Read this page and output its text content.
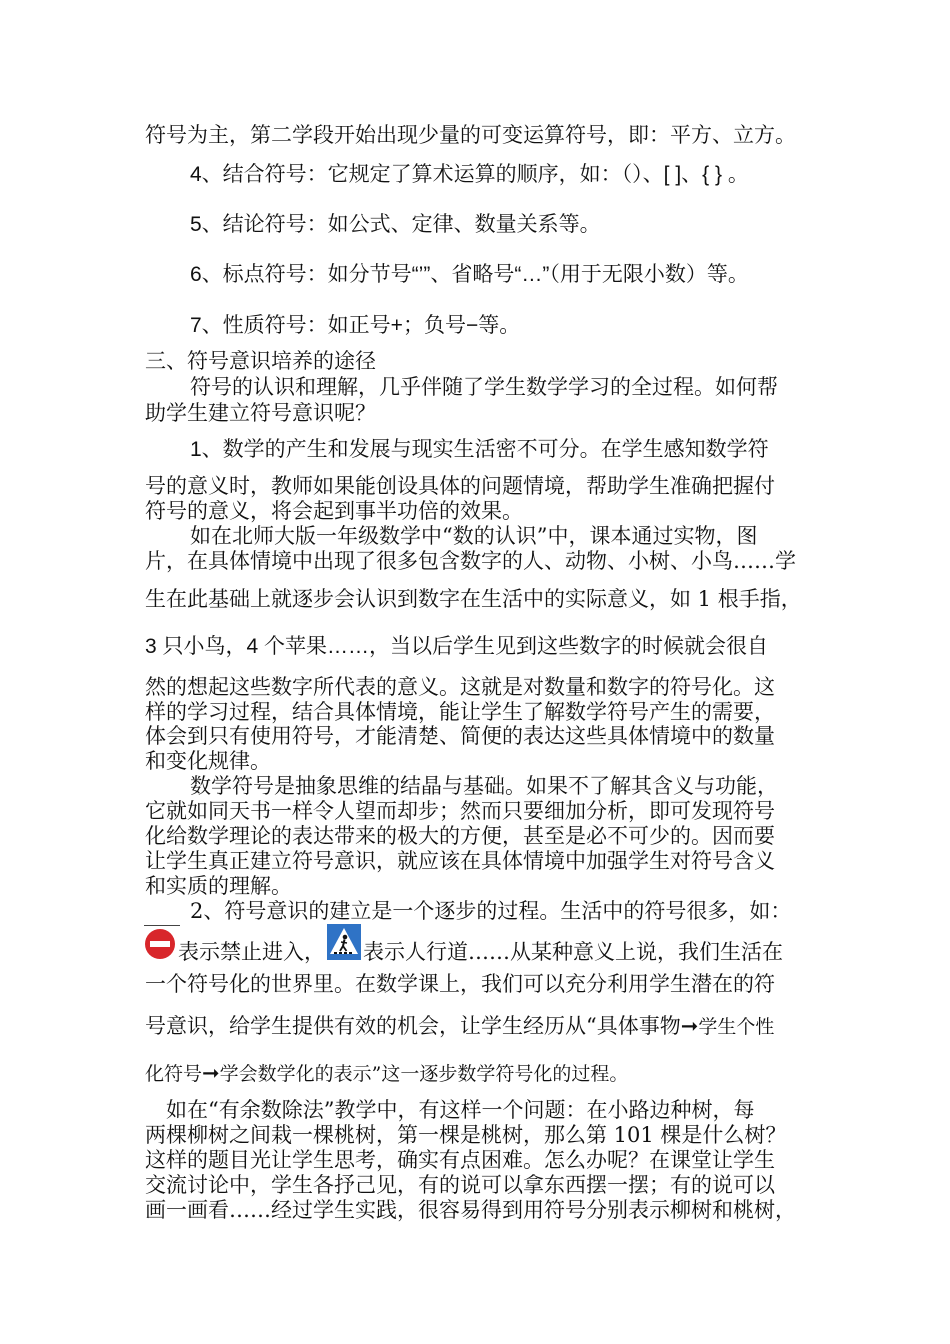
符号为主，第二学段开始出现少量的可变运算符号，即：平方、立方。
4、结合符号：它规定了算术运算的顺序，如：（）、[ ]、{ } 。
5、结论符号：如公式、定律、数量关系等。
6、标点符号：如分节号“’”、省略号“…”（用于无限小数）等。
7、性质符号：如正号+；负号−等。
三、符号意识培养的途径
符号的认识和理解，几乎伴随了学生数学学习的全过程。如何帮
助学生建立符号意识呢？
1、数学的产生和发展与现实生活密不可分。在学生感知数学符
号的意义时，教师如果能创设具体的问题情境，帮助学生准确把握付
符号的意义，将会起到事半功倍的效果。
如在北师大版一年级数学中“数的认识”中，课本通过实物，图
片，在具体情境中出现了很多包含数字的人、动物、小树、小鸟……学
生在此基础上就逐步会认识到数字在生活中的实际意义，如 1 根手指，
3 只小鸟，4 个苹果……，当以后学生见到这些数字的时候就会很自
然的想起这些数字所代表的意义。这就是对数量和数字的符号化。这
样的学习过程，结合具体情境，能让学生了解数学符号产生的需要，
体会到只有使用符号，才能清楚、简便的表达这些具体情境中的数量
和变化规律。
数学符号是抽象思维的结晶与基础。如果不了解其含义与功能，
它就如同天书一样令人望而却步；然而只要细加分析，即可发现符号
化给数学理论的表达带来的极大的方便，甚至是必不可少的。因而要
让学生真正建立符号意识，就应该在具体情境中加强学生对符号含义
和实质的理解。
2、符号意识的建立是一个逐步的过程。生活中的符号很多，如：
表示禁止进入， 表示人行道……从某种意义上说，我们生活在
一个符号化的世界里。在数学课上，我们可以充分利用学生潜在的符
号意识，给学生提供有效的机会，让学生经历从“具体事物➞学生个性
化符号➞学会数学化的表示”这一逐步数学符号化的过程。
如在“有余数除法”教学中，有这样一个问题：在小路边种树，每
两棵柳树之间栽一棵桃树，第一棵是桃树，那么第 101 棵是什么树？
这样的题目光让学生思考，确实有点困难。怎么办呢？在课堂让学生
交流讨论中，学生各抒己见，有的说可以拿东西摆一摆；有的说可以
画一画看……经过学生实践，很容易得到用符号分别表示柳树和桃树，
